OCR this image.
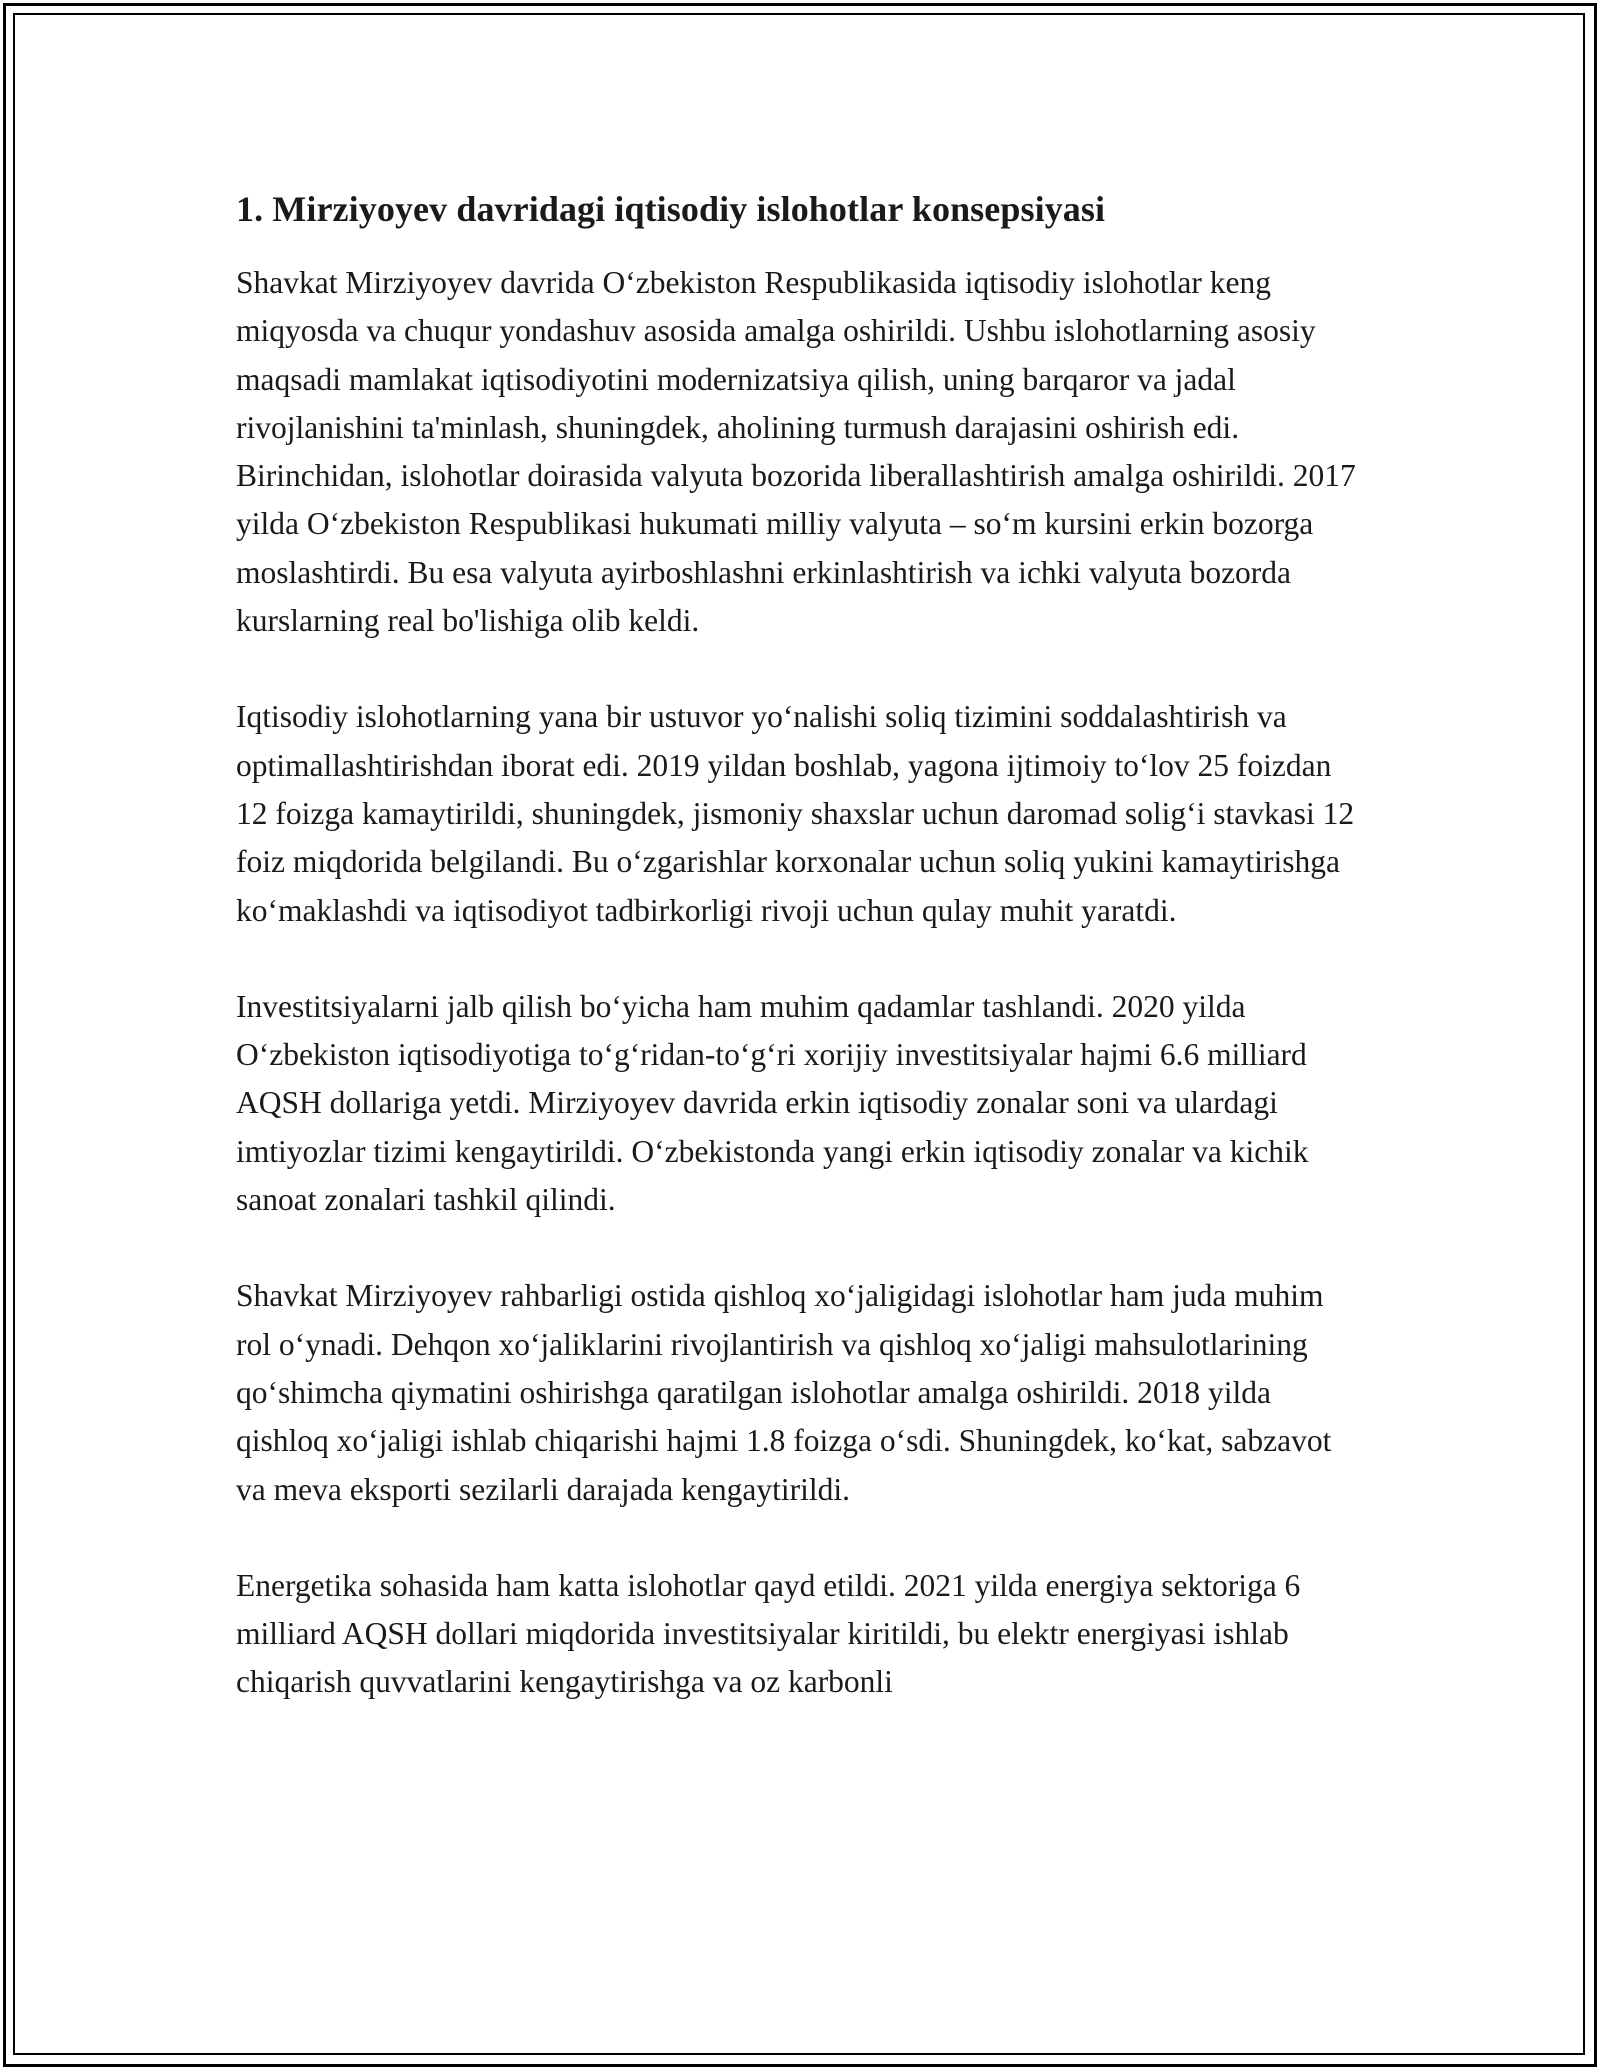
1. Mirziyoyev davridagi iqtisodiy islohotlar konsepsiyasi

Shavkat Mirziyoyev davrida O‘zbekiston Respublikasida iqtisodiy islohotlar keng miqyosda va chuqur yondashuv asosida amalga oshirildi. Ushbu islohotlarning asosiy maqsadi mamlakat iqtisodiyotini modernizatsiya qilish, uning barqaror va jadal rivojlanishini ta'minlash, shuningdek, aholining turmush darajasini oshirish edi. Birinchidan, islohotlar doirasida valyuta bozorida liberallashtirish amalga oshirildi. 2017 yilda O‘zbekiston Respublikasi hukumati milliy valyuta – so‘m kursini erkin bozorga moslashtirdi. Bu esa valyuta ayirboshlashni erkinlashtirish va ichki valyuta bozorda kurslarning real bo'lishiga olib keldi.

Iqtisodiy islohotlarning yana bir ustuvor yo‘nalishi soliq tizimini soddalashtirish va optimallashtirishdan iborat edi. 2019 yildan boshlab, yagona ijtimoiy to‘lov 25 foizdan 12 foizga kamaytirildi, shuningdek, jismoniy shaxslar uchun daromad solig‘i stavkasi 12 foiz miqdorida belgilandi. Bu o‘zgarishlar korxonalar uchun soliq yukini kamaytirishga ko‘maklashdi va iqtisodiyot tadbirkorligi rivoji uchun qulay muhit yaratdi.

Investitsiyalarni jalb qilish bo‘yicha ham muhim qadamlar tashlandi. 2020 yilda O‘zbekiston iqtisodiyotiga to‘g‘ridan-to‘g‘ri xorijiy investitsiyalar hajmi 6.6 milliard AQSH dollariga yetdi. Mirziyoyev davrida erkin iqtisodiy zonalar soni va ulardagi imtiyozlar tizimi kengaytirildi. O‘zbekistonda yangi erkin iqtisodiy zonalar va kichik sanoat zonalari tashkil qilindi.

Shavkat Mirziyoyev rahbarligi ostida qishloq xo‘jaligidagi islohotlar ham juda muhim rol o‘ynadi. Dehqon xo‘jaliklarini rivojlantirish va qishloq xo‘jaligi mahsulotlarining qo‘shimcha qiymatini oshirishga qaratilgan islohotlar amalga oshirildi. 2018 yilda qishloq xo‘jaligi ishlab chiqarishi hajmi 1.8 foizga o‘sdi. Shuningdek, ko‘kat, sabzavot va meva eksporti sezilarli darajada kengaytirildi.

Energetika sohasida ham katta islohotlar qayd etildi. 2021 yilda energiya sektoriga 6 milliard AQSH dollari miqdorida investitsiyalar kiritildi, bu elektr energiyasi ishlab chiqarish quvvatlarini kengaytirishga va oz karbonli
